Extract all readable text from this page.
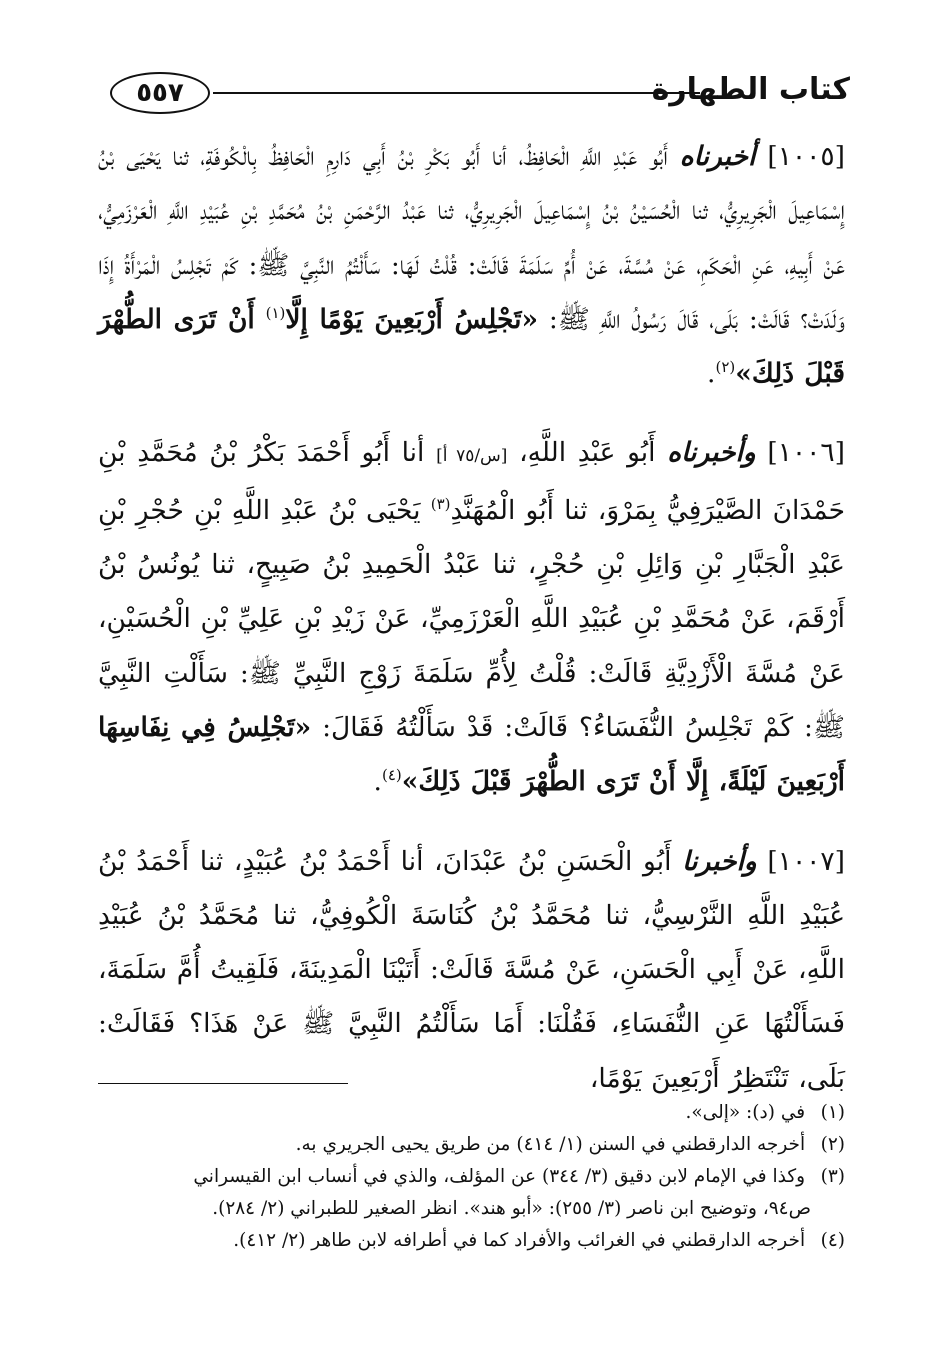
٥٥٧	كتاب الطهارة

[١٠٠٥] أخبرناه أَبُو عَبْدِ اللَّهِ الْحَافِظُ، أنا أَبُو بَكْرِ بْنُ أَبِي دَارِمِ الْحَافِظُ بِالْكُوفَةِ، ثنا يَحْيَى بْنُ إِسْمَاعِيلَ الْجَرِيرِيُّ، ثنا الْحُسَيْنُ بْنُ إِسْمَاعِيلَ الْجَرِيرِيُّ، ثنا عَبْدُ الرَّحْمَنِ بْنُ مُحَمَّدِ بْنِ عُبَيْدِ اللَّهِ الْعَرْزَمِيُّ، عَنْ أَبِيهِ، عَنِ الْحَكَمِ، عَنْ مُسَّةَ، عَنْ أُمِّ سَلَمَةَ قَالَتْ: قُلْتُ لَهَا: سَأَلْتُمُ النَّبِيَّ ﷺ: كَمْ تَجْلِسُ الْمَرْأَةُ إِذَا وَلَدَتْ؟ قَالَتْ: بَلَى، قَالَ رَسُولُ اللَّهِ ﷺ: «تَجْلِسُ أَرْبَعِينَ يَوْمًا إِلَّا$^{(١)}$ أَنْ تَرَى الطُّهْرَ قَبْلَ ذَلِكَ»$^{(٢)}$.

[١٠٠٦] وأخبرناه أَبُو عَبْدِ اللَّهِ، [س/٧٥ أ] أنا أَبُو أَحْمَدَ بَكْرُ بْنُ مُحَمَّدِ بْنِ حَمْدَانَ الصَّيْرَفِيُّ بِمَرْوَ، ثنا أَبُو الْمُهَنَّدِ$^{(٣)}$ يَحْيَى بْنُ عَبْدِ اللَّهِ بْنِ حُجْرِ بْنِ عَبْدِ الْجَبَّارِ بْنِ وَائِلِ بْنِ حُجْرٍ، ثنا عَبْدُ الْحَمِيدِ بْنُ صَبِيحٍ، ثنا يُونُسُ بْنُ أَرْقَمَ، عَنْ مُحَمَّدِ بْنِ عُبَيْدِ اللَّهِ الْعَرْزَمِيِّ، عَنْ زَيْدِ بْنِ عَلِيِّ بْنِ الْحُسَيْنِ، عَنْ مُسَّةَ الْأَزْدِيَّةِ قَالَتْ: قُلْتُ لِأُمِّ سَلَمَةَ زَوْجِ النَّبِيِّ ﷺ: سَأَلْتِ النَّبِيَّ ﷺ: كَمْ تَجْلِسُ النُّفَسَاءُ؟ قَالَتْ: قَدْ سَأَلْتُهُ فَقَالَ: «تَجْلِسُ فِي نِفَاسِهَا أَرْبَعِينَ لَيْلَةً، إِلَّا أَنْ تَرَى الطُّهْرَ قَبْلَ ذَلِكَ»$^{(٤)}$.

[١٠٠٧] وأخبرنا أَبُو الْحَسَنِ بْنُ عَبْدَانَ، أنا أَحْمَدُ بْنُ عُبَيْدٍ، ثنا أَحْمَدُ بْنُ عُبَيْدِ اللَّهِ النَّرْسِيُّ، ثنا مُحَمَّدُ بْنُ كُنَاسَةَ الْكُوفِيُّ، ثنا مُحَمَّدُ بْنُ عُبَيْدِ اللَّهِ، عَنْ أَبِي الْحَسَنِ، عَنْ مُسَّةَ قَالَتْ: أَتَيْنَا الْمَدِينَةَ، فَلَقِيتُ أُمَّ سَلَمَةَ، فَسَأَلْتُهَا عَنِ النُّفَسَاءِ، فَقُلْنَا: أَمَا سَأَلْتُمُ النَّبِيَّ ﷺ عَنْ هَذَا؟ فَقَالَتْ: بَلَى، تَنْتَظِرُ أَرْبَعِينَ يَوْمًا،

(١) في (د): «إلى».

(٢) أخرجه الدارقطني في السنن (١/ ٤١٤) من طريق يحيى الجريري به.

(٣) وكذا في الإمام لابن دقيق (٣/ ٣٤٤) عن المؤلف، والذي في أنساب ابن القيسراني
ص٩٤، وتوضيح ابن ناصر (٣/ ٢٥٥): «أبو هند». انظر الصغير للطبراني (٢/ ٢٨٤).

(٤) أخرجه الدارقطني في الغرائب والأفراد كما في أطرافه لابن طاهر (٢/ ٤١٢).
